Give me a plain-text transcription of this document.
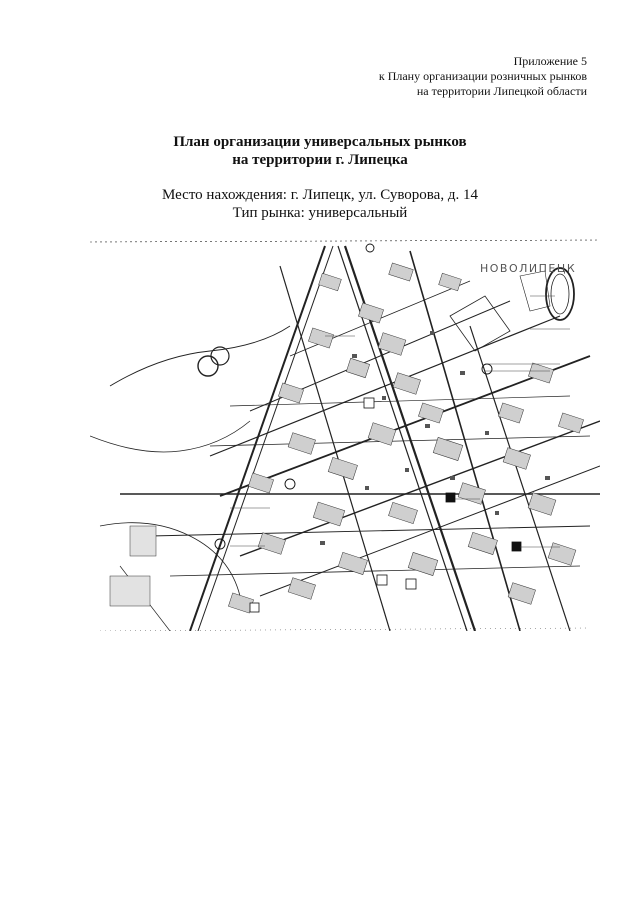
Приложение 5
к Плану организации розничных рынков
на территории Липецкой области
План организации универсальных рынков
на территории г. Липецка
Место нахождения: г. Липецк, ул. Суворова, д. 14
Тип рынка: универсальный
НОВОЛИПЕЦК
